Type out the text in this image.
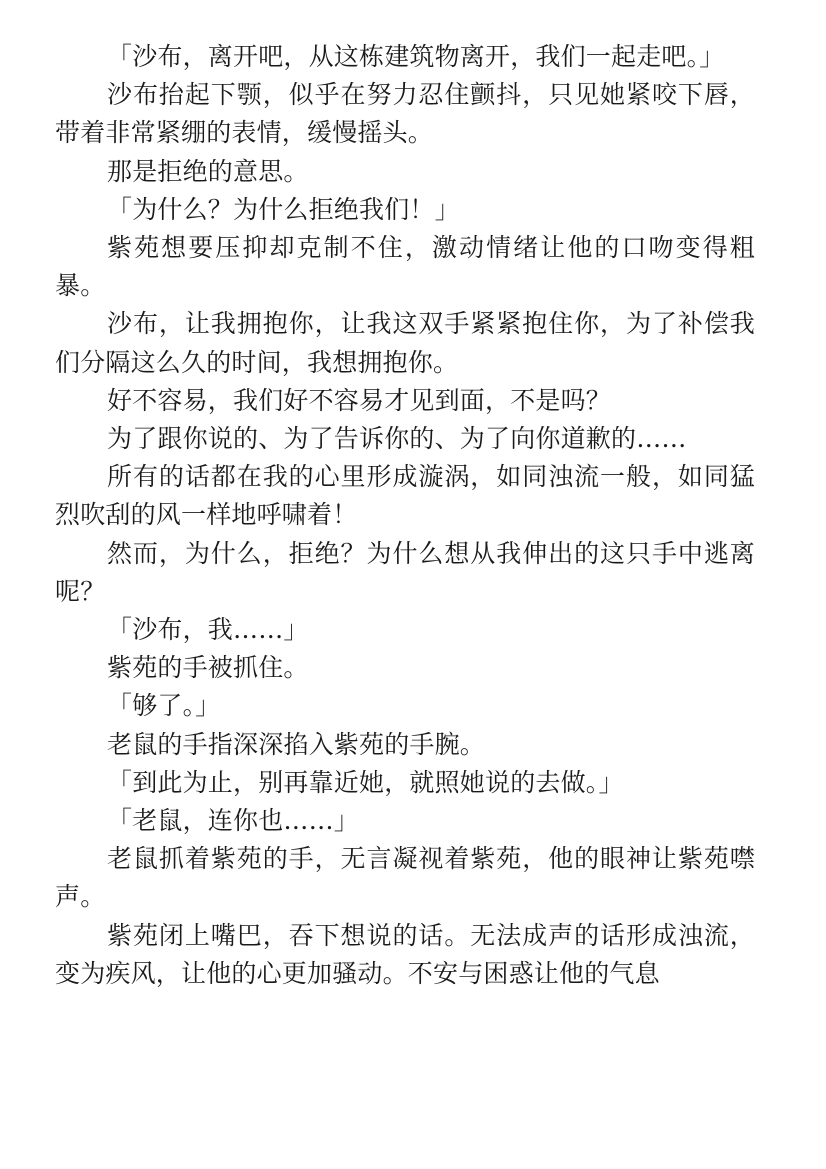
「沙布，离开吧，从这栋建筑物离开，我们一起走吧。」

沙布抬起下颚，似乎在努力忍住颤抖，只见她紧咬下唇，带着非常紧绷的表情，缓慢摇头。

那是拒绝的意思。

「为什么？为什么拒绝我们！」

紫苑想要压抑却克制不住，激动情绪让他的口吻变得粗暴。

沙布，让我拥抱你，让我这双手紧紧抱住你，为了补偿我们分隔这么久的时间，我想拥抱你。

好不容易，我们好不容易才见到面，不是吗？

为了跟你说的、为了告诉你的、为了向你道歉的……

所有的话都在我的心里形成漩涡，如同浊流一般，如同猛烈吹刮的风一样地呼啸着！

然而，为什么，拒绝？为什么想从我伸出的这只手中逃离呢？

「沙布，我……」

紫苑的手被抓住。

「够了。」

老鼠的手指深深掐入紫苑的手腕。

「到此为止，别再靠近她，就照她说的去做。」

「老鼠，连你也……」

老鼠抓着紫苑的手，无言凝视着紫苑，他的眼神让紫苑噤声。

紫苑闭上嘴巴，吞下想说的话。无法成声的话形成浊流，变为疾风，让他的心更加骚动。不安与困惑让他的气息
